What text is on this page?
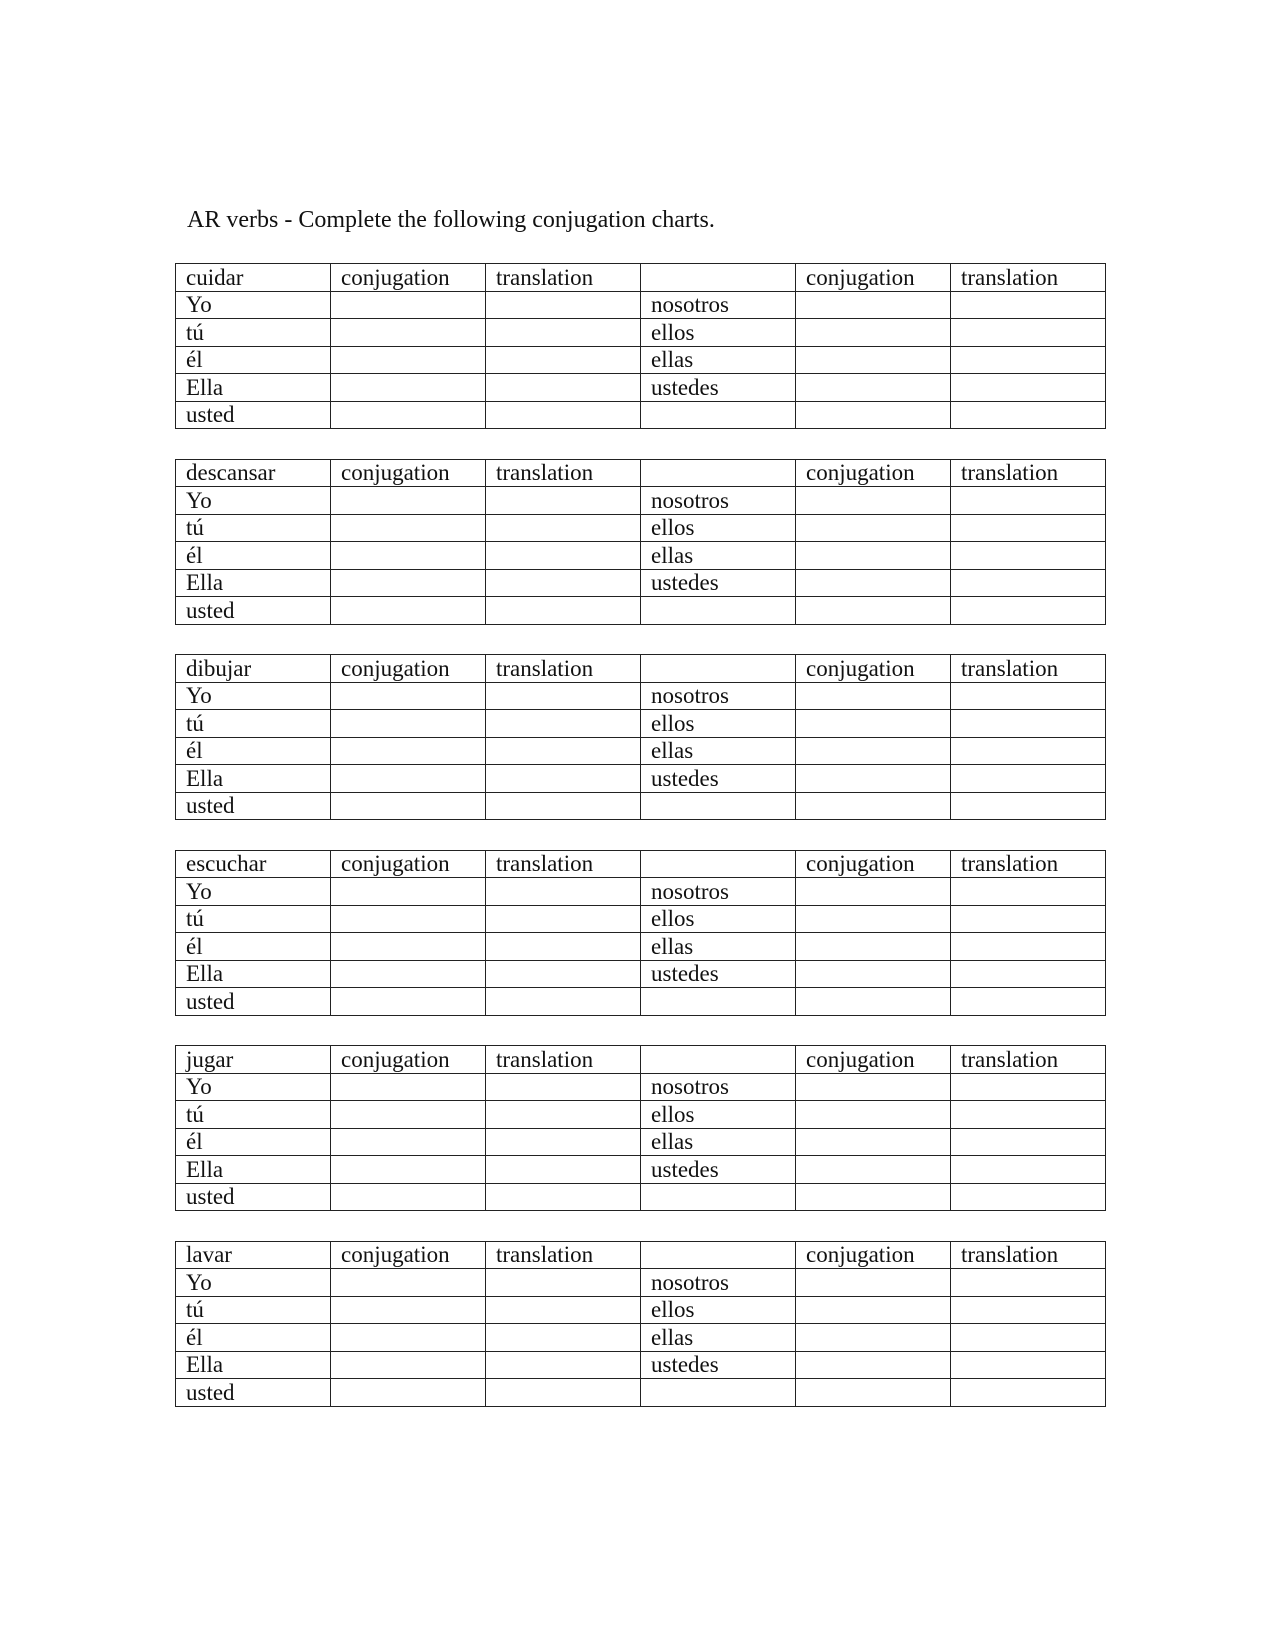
AR verbs - Complete the following conjugation charts.
cuidar	conjugation	translation		conjugation	translation
Yo			nosotros		
tú			ellos		
él			ellas		
Ella			ustedes		
usted					
descansar	conjugation	translation		conjugation	translation
Yo			nosotros		
tú			ellos		
él			ellas		
Ella			ustedes		
usted					
dibujar	conjugation	translation		conjugation	translation
Yo			nosotros		
tú			ellos		
él			ellas		
Ella			ustedes		
usted					
escuchar	conjugation	translation		conjugation	translation
Yo			nosotros		
tú			ellos		
él			ellas		
Ella			ustedes		
usted					
jugar	conjugation	translation		conjugation	translation
Yo			nosotros		
tú			ellos		
él			ellas		
Ella			ustedes		
usted					
lavar	conjugation	translation		conjugation	translation
Yo			nosotros		
tú			ellos		
él			ellas		
Ella			ustedes		
usted					
